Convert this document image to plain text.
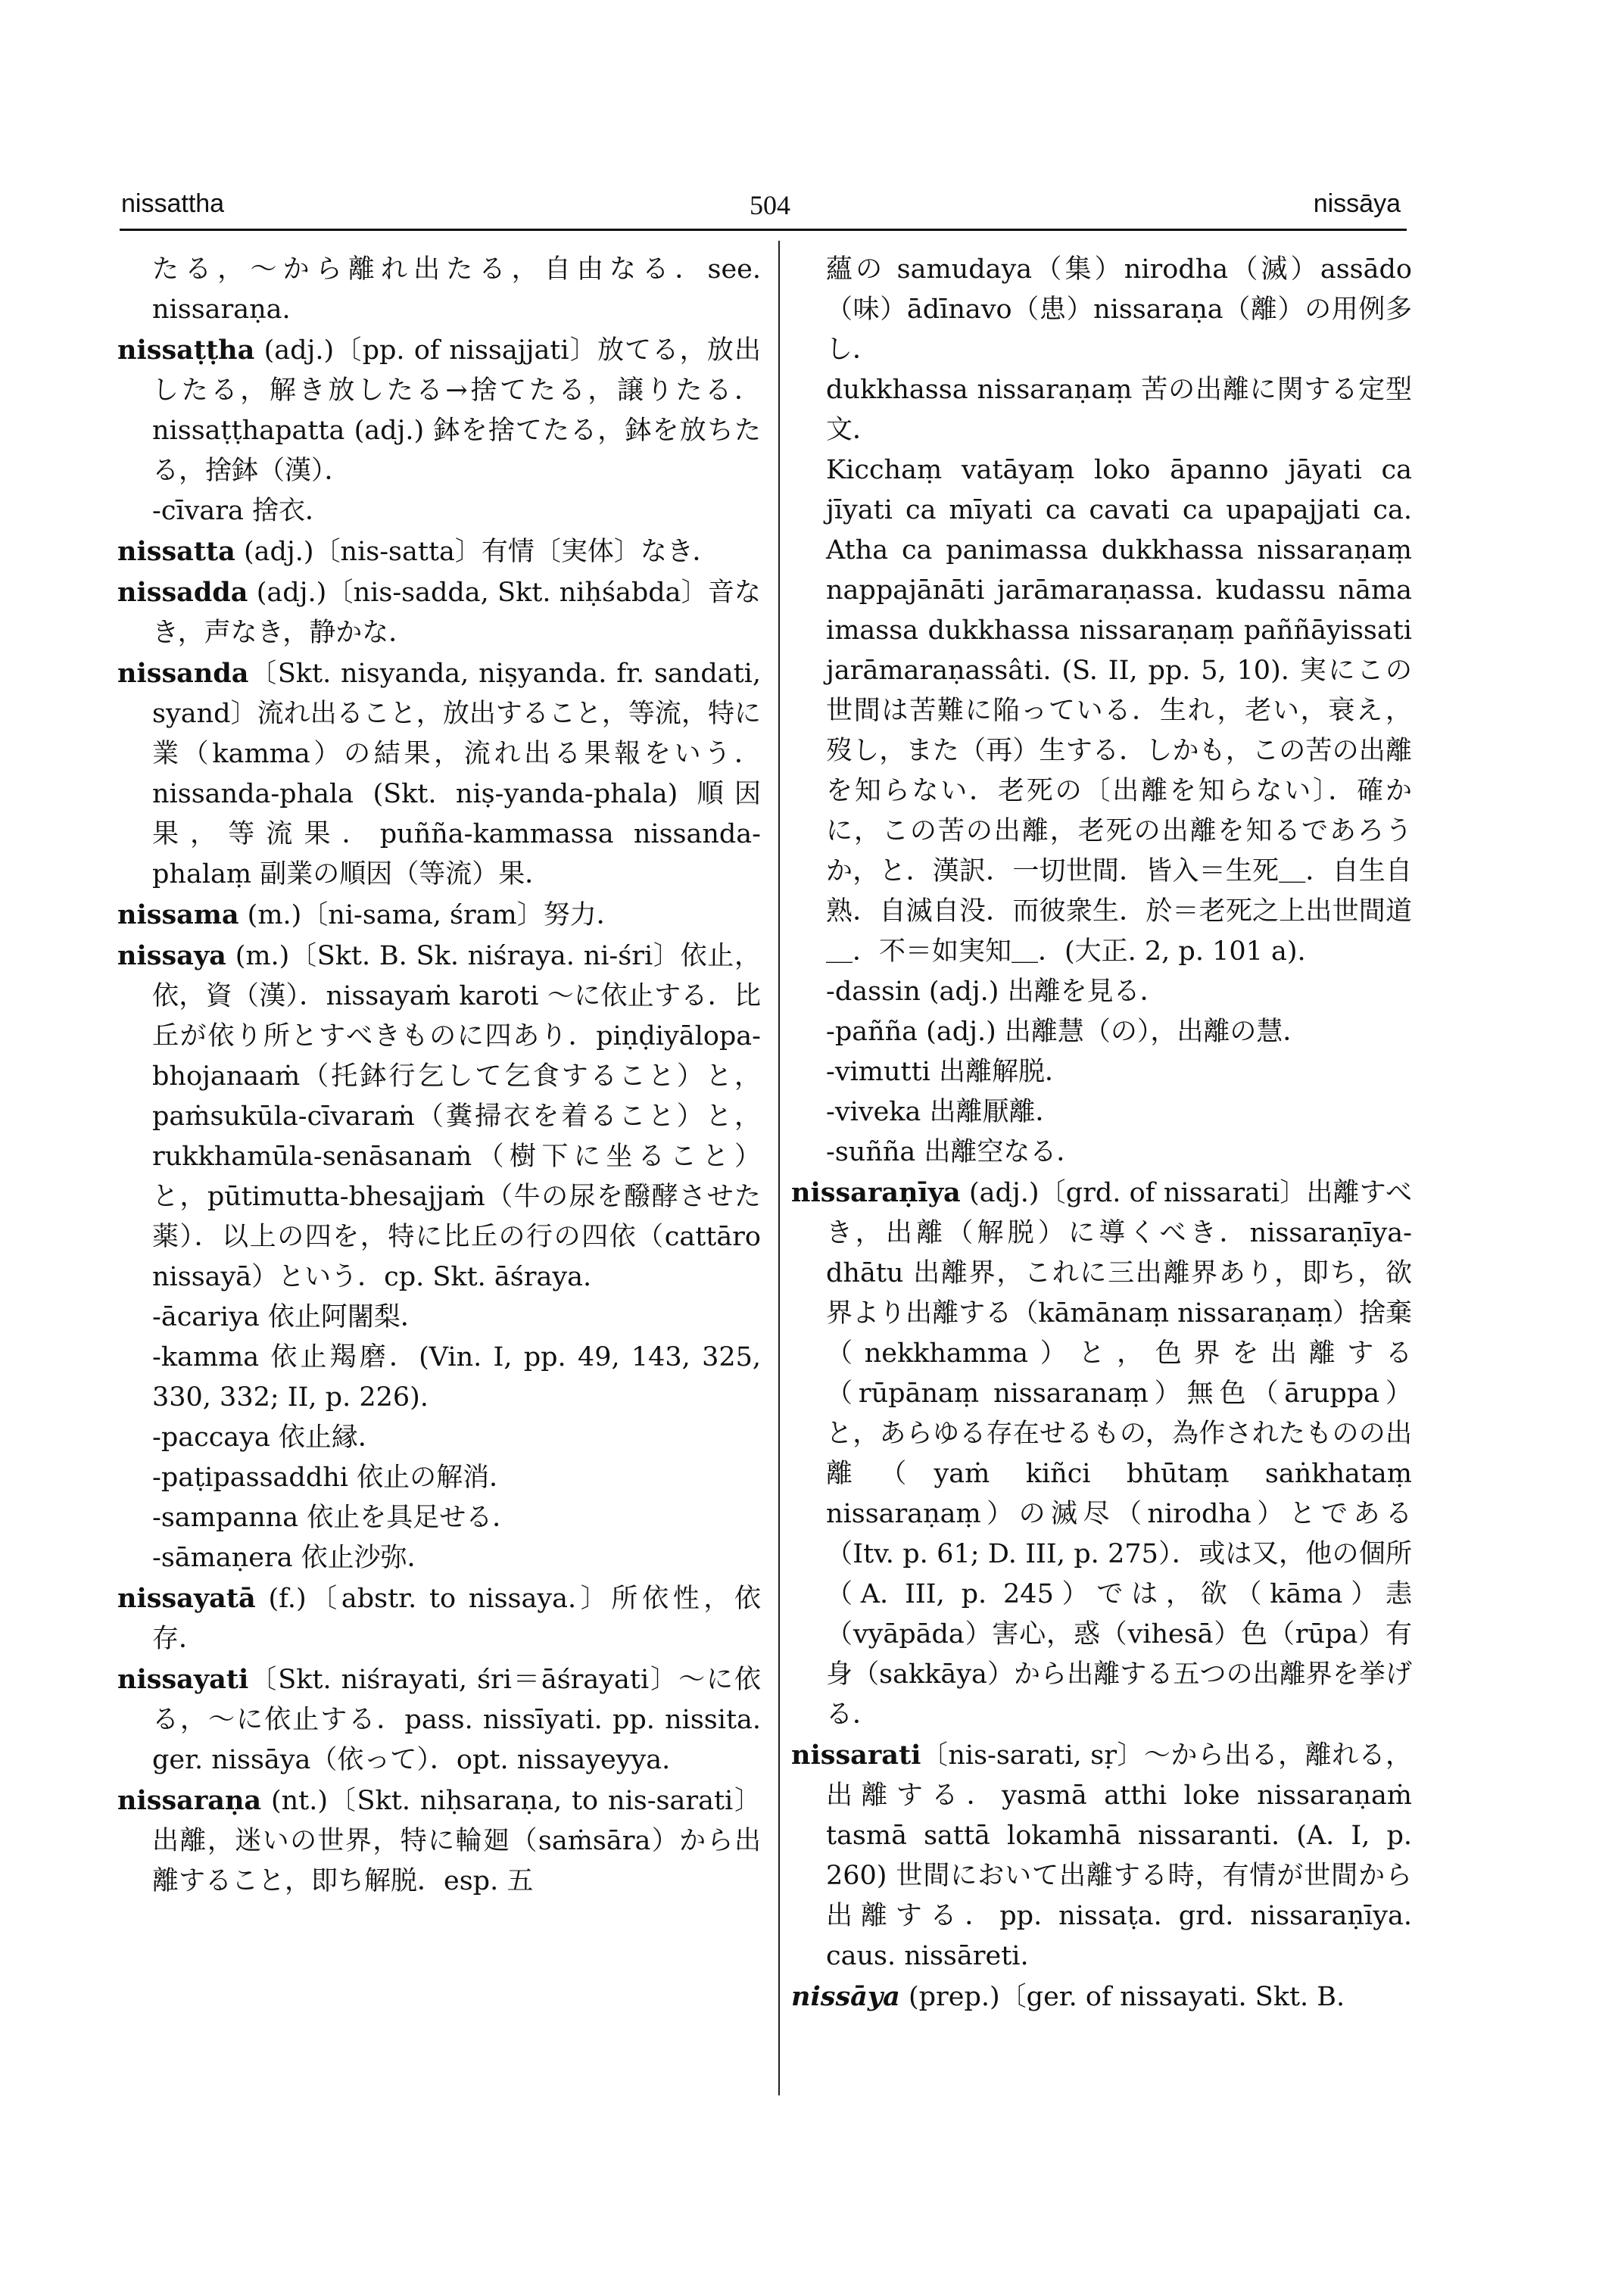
nissattha	504	nissāya

たる，〜から離れ出たる，自由なる．see. nissaraṇa.

nissaṭṭha (adj.)〔pp. of nissajjati〕放てる，放出したる，解き放したる→捨てたる，譲りたる．nissaṭṭhapatta (adj.) 鉢を捨てたる，鉢を放ちたる，捨鉢（漢）．

-cīvara 捨衣．

nissatta (adj.)〔nis-satta〕有情〔実体〕なき．

nissadda (adj.)〔nis-sadda, Skt. niḥśabda〕音なき，声なき，静かな．

nissanda〔Skt. nisyanda, niṣyanda. fr. sandati, syand〕流れ出ること，放出すること，等流，特に業（kamma）の結果，流れ出る果報をいう．nissanda-phala (Skt. niṣ-yanda-phala) 順因果，等流果．puñña-kammassa nissanda-phalaṃ 副業の順因（等流）果．

nissama (m.)〔ni-sama, śram〕努力．

nissaya (m.)〔Skt. B. Sk. niśraya. ni-śri〕依止，依，資（漢）．nissayaṁ karoti 〜に依止する．比丘が依り所とすべきものに四あり．piṇḍiyālopa-bhojanaaṁ（托鉢行乞して乞食すること）と，paṁsukūla-cīvaraṁ（糞掃衣を着ること）と，rukkhamūla-senāsanaṁ（樹下に坐ること）と，pūtimutta-bhesajjaṁ（牛の尿を醱酵させた薬）．以上の四を，特に比丘の行の四依（cattāro nissayā）という．cp. Skt. āśraya.

-ācariya 依止阿闍梨．

-kamma 依止羯磨．(Vin. I, pp. 49, 143, 325, 330, 332; II, p. 226).

-paccaya 依止縁．

-paṭipassaddhi 依止の解消．

-sampanna 依止を具足せる．

-sāmaṇera 依止沙弥．

nissayatā (f.)〔abstr. to nissaya.〕所依性，依存．

nissayati〔Skt. niśrayati, śri＝āśrayati〕〜に依る，〜に依止する．pass. nissīyati. pp. nissita. ger. nissāya（依って）．opt. nissayeyya.

nissaraṇa (nt.)〔Skt. niḥsaraṇa, to nis-sarati〕出離，迷いの世界，特に輪廻（saṁsāra）から出離すること，即ち解脱．esp. 五

蘊の samudaya（集）nirodha（滅）assādo（味）ādīnavo（患）nissaraṇa（離）の用例多し．

dukkhassa nissaraṇaṃ 苦の出離に関する定型文．

Kicchaṃ vatāyaṃ loko āpanno jāyati ca jīyati ca mīyati ca cavati ca upapajjati ca. Atha ca panimassa dukkhassa nissaraṇaṃ nappajānāti jarāmaraṇassa. kudassu nāma imassa dukkhassa nissaraṇaṃ paññāyissati jarāmaraṇassâti. (S. II, pp. 5, 10). 実にこの世間は苦難に陥っている．生れ，老い，衰え，歿し，また（再）生する．しかも，この苦の出離を知らない．老死の〔出離を知らない〕．確かに，この苦の出離，老死の出離を知るであろうか，と．漢訳．一切世間．皆入＝生死＿．自生自熟．自滅自没．而彼衆生．於＝老死之上出世間道＿．不＝如実知＿．(大正. 2, p. 101 a).

-dassin (adj.) 出離を見る．

-pañña (adj.) 出離慧（の），出離の慧．

-vimutti 出離解脱．

-viveka 出離厭離．

-suñña 出離空なる．

nissaraṇīya (adj.)〔grd. of nissarati〕出離すべき，出離（解脱）に導くべき．nissaraṇīya-dhātu 出離界，これに三出離界あり，即ち，欲界より出離する（kāmānaṃ nissaraṇaṃ）捨棄（nekkhamma）と，色界を出離する（rūpānaṃ nissaranaṃ）無色（āruppa）と，あらゆる存在せるもの，為作されたものの出離（yaṁ kiñci bhūtaṃ saṅkhataṃ nissaraṇaṃ）の滅尽（nirodha）とである（Itv. p. 61; D. III, p. 275）．或は又，他の個所（A. III, p. 245）では，欲（kāma）恚（vyāpāda）害心，惑（vihesā）色（rūpa）有身（sakkāya）から出離する五つの出離界を挙げる．

nissarati〔nis-sarati, sṛ〕〜から出る，離れる，出離する．yasmā atthi loke nissaraṇaṁ tasmā sattā lokamhā nissaranti. (A. I, p. 260) 世間において出離する時，有情が世間から出離する．pp. nissaṭa. grd. nissaraṇīya. caus. nissāreti.

nissāya (prep.)〔ger. of nissayati. Skt. B.
